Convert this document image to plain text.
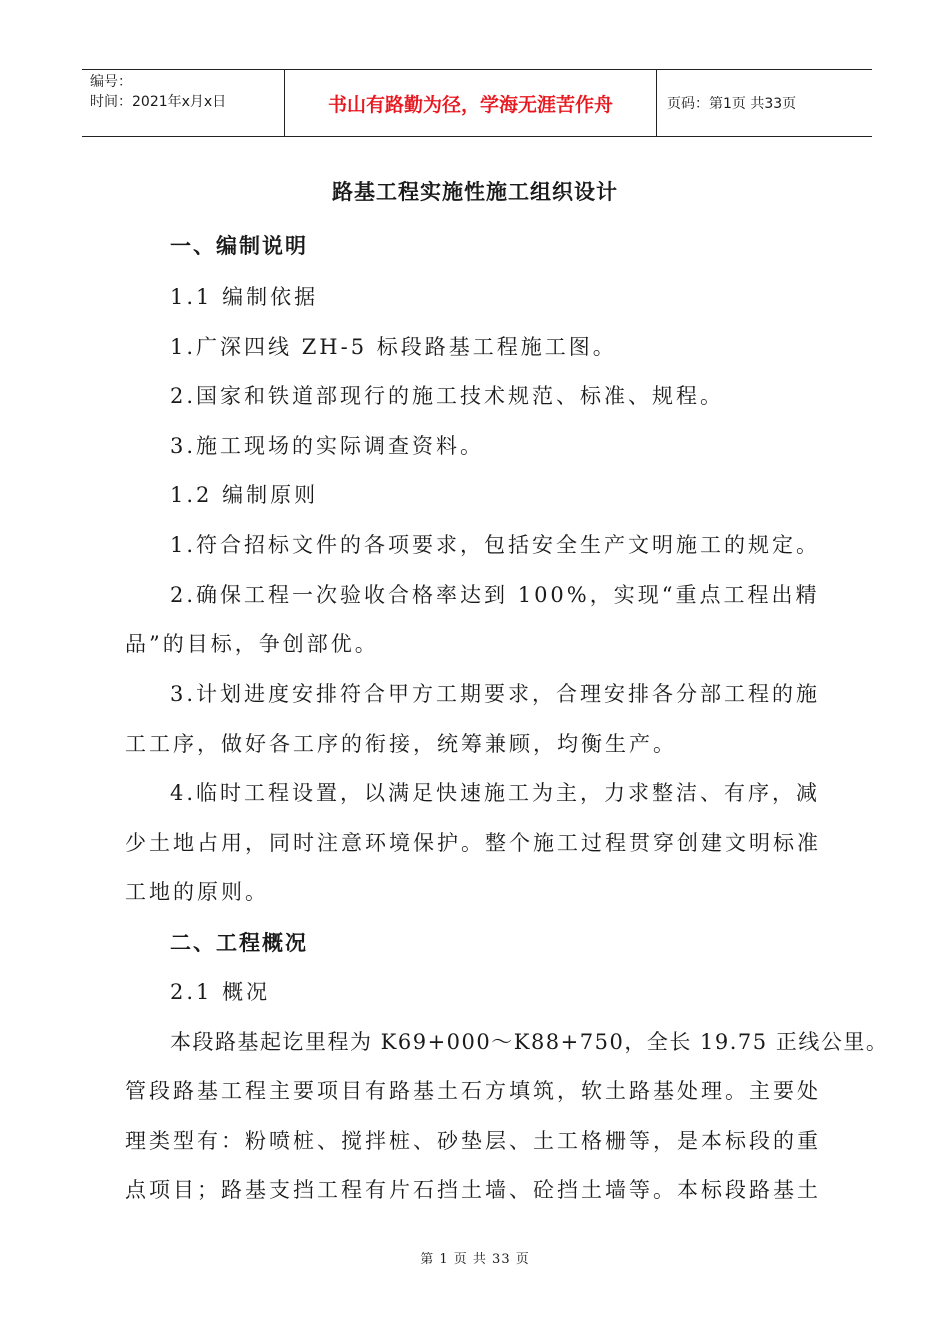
编号：
时间：2021年x月x日	书山有路勤为径，学海无涯苦作舟	页码：第1页 共33页
路基工程实施性施工组织设计
一、编制说明
1.1 编制依据
1.广深四线 ZH-5 标段路基工程施工图。
2.国家和铁道部现行的施工技术规范、标准、规程。
3.施工现场的实际调查资料。
1.2 编制原则
1.符合招标文件的各项要求，包括安全生产文明施工的规定。
2.确保工程一次验收合格率达到 100%，实现“重点工程出精
品”的目标，争创部优。
3.计划进度安排符合甲方工期要求，合理安排各分部工程的施
工工序，做好各工序的衔接，统筹兼顾，均衡生产。
4.临时工程设置，以满足快速施工为主，力求整洁、有序，减
少土地占用，同时注意环境保护。整个施工过程贯穿创建文明标准
工地的原则。
二、工程概况
2.1 概况
本段路基起讫里程为 K69+000～K88+750，全长 19.75 正线公里。
管段路基工程主要项目有路基土石方填筑，软土路基处理。主要处
理类型有：粉喷桩、搅拌桩、砂垫层、土工格栅等，是本标段的重
点项目；路基支挡工程有片石挡土墙、砼挡土墙等。本标段路基土
第 1 页 共 33 页
